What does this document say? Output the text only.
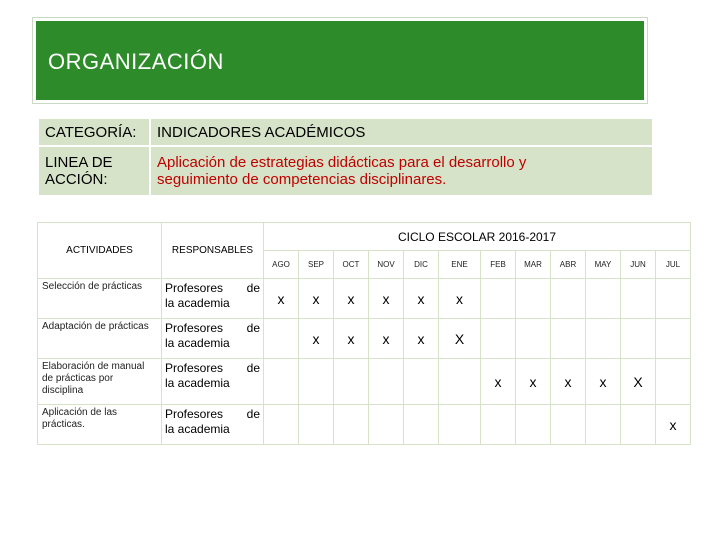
ORGANIZACIÓN
CATEGORÍA:	INDICADORES ACADÉMICOS
LINEA DE
ACCIÓN:

Aplicación de estrategias didácticas para el desarrollo y
seguimiento de competencias disciplinares.
ACTIVIDADES	RESPONSABLES	CICLO ESCOLAR 2016-2017											
		AGO	SEP	OCT	NOV	DIC	ENE	FEB	MAR	ABR	MAY	JUN	JUL
Selección de prácticas	Profesores de
la academia	x	x	x	x	x	x						
Adaptación de prácticas	Profesores de
la academia		x	x	x	x	X						
Elaboración de manual de prácticas por disciplina	Profesores de
la academia							x	x	x	x	X	
Aplicación de las prácticas.	Profesores de
la academia												x
